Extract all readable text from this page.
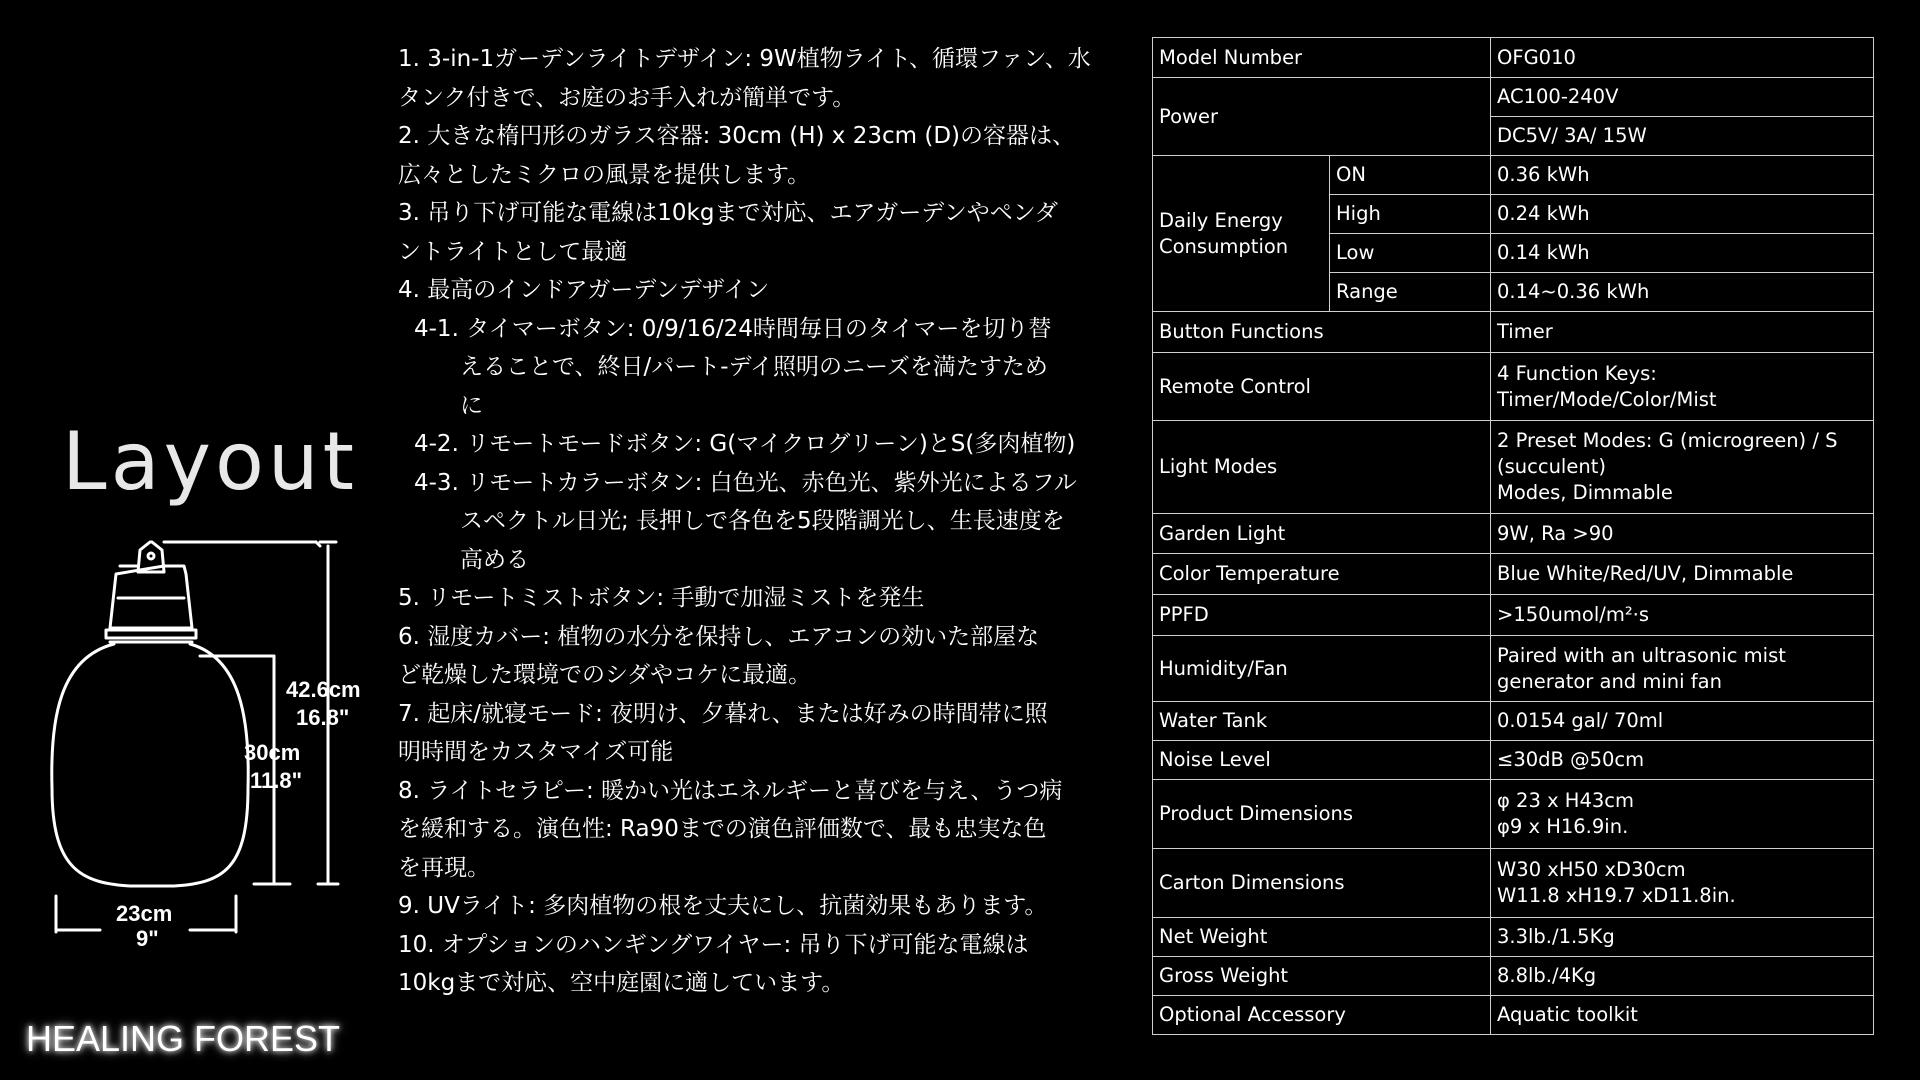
Layout
42.6cm
16.8"
30cm
11.8"
23cm
9"
HEALING FOREST
1. 3-in-1ガーデンライトデザイン: 9W植物ライト、循環ファン、水
タンク付きで、お庭のお手入れが簡単です。
2. 大きな楕円形のガラス容器: 30cm (H) x 23cm (D)の容器は、
広々としたミクロの風景を提供します。
3. 吊り下げ可能な電線は10kgまで対応、エアガーデンやペンダ
ントライトとして最適
4. 最高のインドアガーデンデザイン
4-1. タイマーボタン: 0/9/16/24時間毎日のタイマーを切り替
えることで、終日/パート-デイ照明のニーズを満たすため
に
4-2. リモートモードボタン: G(マイクログリーン)とS(多肉植物)
4-3. リモートカラーボタン: 白色光、赤色光、紫外光によるフル
スペクトル日光; 長押しで各色を5段階調光し、生長速度を
高める
5. リモートミストボタン: 手動で加湿ミストを発生
6. 湿度カバー: 植物の水分を保持し、エアコンの効いた部屋な
ど乾燥した環境でのシダやコケに最適。
7. 起床/就寝モード: 夜明け、夕暮れ、または好みの時間帯に照
明時間をカスタマイズ可能
8. ライトセラピー: 暖かい光はエネルギーと喜びを与え、うつ病
を緩和する。演色性: Ra90までの演色評価数で、最も忠実な色
を再現。
9. UVライト: 多肉植物の根を丈夫にし、抗菌効果もあります。
10. オプションのハンギングワイヤー: 吊り下げ可能な電線は
10kgまで対応、空中庭園に適しています。
Model Number		OFG010
Power		AC100-240V
		DC5V/ 3A/ 15W
Daily Energy Consumption	ON	0.36 kWh
	High	0.24 kWh
	Low	0.14 kWh
	Range	0.14~0.36 kWh
Button Functions		Timer
Remote Control		4 Function Keys:
Timer/Mode/Color/Mist

Light Modes		2 Preset Modes: G (microgreen) / S
(succulent)
Modes, Dimmable

Garden Light		9W, Ra >90
Color Temperature		Blue White/Red/UV, Dimmable
PPFD		>150umol/m²·s
Humidity/Fan		Paired with an ultrasonic mist
generator and mini fan

Water Tank		0.0154 gal/ 70ml
Noise Level		≤30dB @50cm
Product Dimensions		φ 23 x H43cm
φ9 x H16.9in.

Carton Dimensions		W30 xH50 xD30cm
W11.8 xH19.7 xD11.8in.

Net Weight		3.3lb./1.5Kg
Gross Weight		8.8lb./4Kg
Optional Accessory		Aquatic toolkit
